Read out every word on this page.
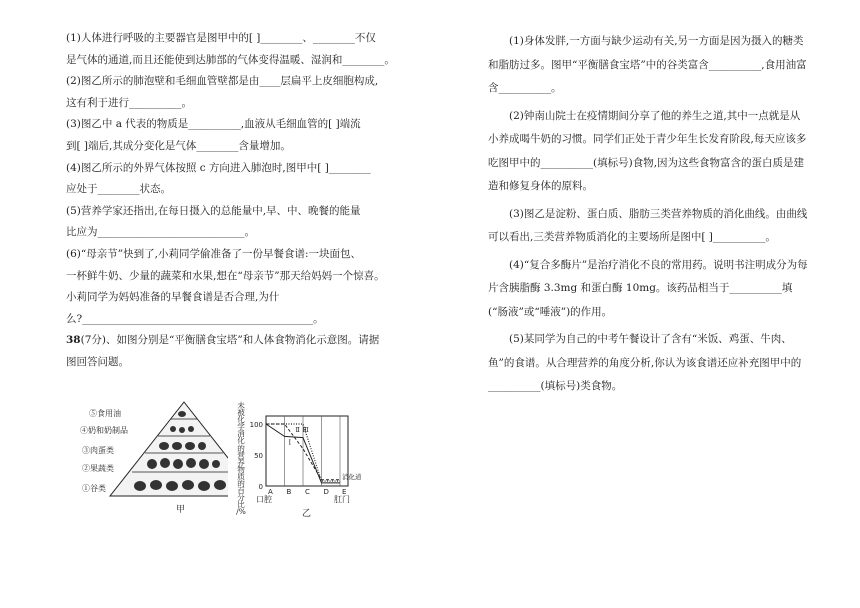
(1)人体进行呼吸的主要器官是图甲中的[ ]________、________不仅
是气体的通道,而且还能使到达肺部的气体变得温暖、湿润和________。
(2)图乙所示的肺泡壁和毛细血管壁都是由____层扁平上皮细胞构成,
这有利于进行__________。
(3)图乙中 a 代表的物质是__________,血液从毛细血管的[ ]端流
到[ ]端后,其成分变化是气体________含量增加。
(4)图乙所示的外界气体按照 c 方向进入肺泡时,图甲中[ ]________
应处于________状态。
(5)营养学家还指出,在每日摄入的总能量中,早、中、晚餐的能量
比应为____________________________。
(6)“母亲节”快到了,小莉同学偷准备了一份早餐食谱:一块面包、
一杯鲜牛奶、少量的蔬菜和水果,想在“母亲节”那天给妈妈一个惊喜。
小莉同学为妈妈准备的早餐食谱是否合理,为什
么?____________________________________________。
38(7分)、如图分别是“平衡膳食宝塔”和人体食物消化示意图。请据
图回答问题。
⑤食用油
④奶和奶制品
③肉蛋类
②果蔬类
①谷类
甲
未
被
化
学
消
化
的
营
养
物
质
的
百
分
比
/%
100
50
0
A B C D E
Ⅰ
Ⅱ Ⅲ
口腔	肛门
消化道
乙
(1)身体发胖,一方面与缺少运动有关,另一方面是因为摄入的糖类和脂肪过多。图甲“平衡膳食宝塔”中的谷类富含__________,食用油富含__________。
(2)钟南山院士在疫情期间分享了他的养生之道,其中一点就是从小养成喝牛奶的习惯。同学们正处于青少年生长发育阶段,每天应该多吃图甲中的__________(填标号)食物,因为这些食物富含的蛋白质是建造和修复身体的原料。
(3)图乙是淀粉、蛋白质、脂肪三类营养物质的消化曲线。由曲线可以看出,三类营养物质消化的主要场所是图中[ ]__________。
(4)“复合多酶片”是治疗消化不良的常用药。说明书注明成分为每片含胰脂酶 3.3mg 和蛋白酶 10mg。该药品相当于__________填(“肠液”或“唾液”)的作用。
(5)某同学为自己的中考午餐设计了含有“米饭、鸡蛋、牛肉、鱼”的食谱。从合理营养的角度分析,你认为该食谱还应补充图甲中的__________(填标号)类食物。
